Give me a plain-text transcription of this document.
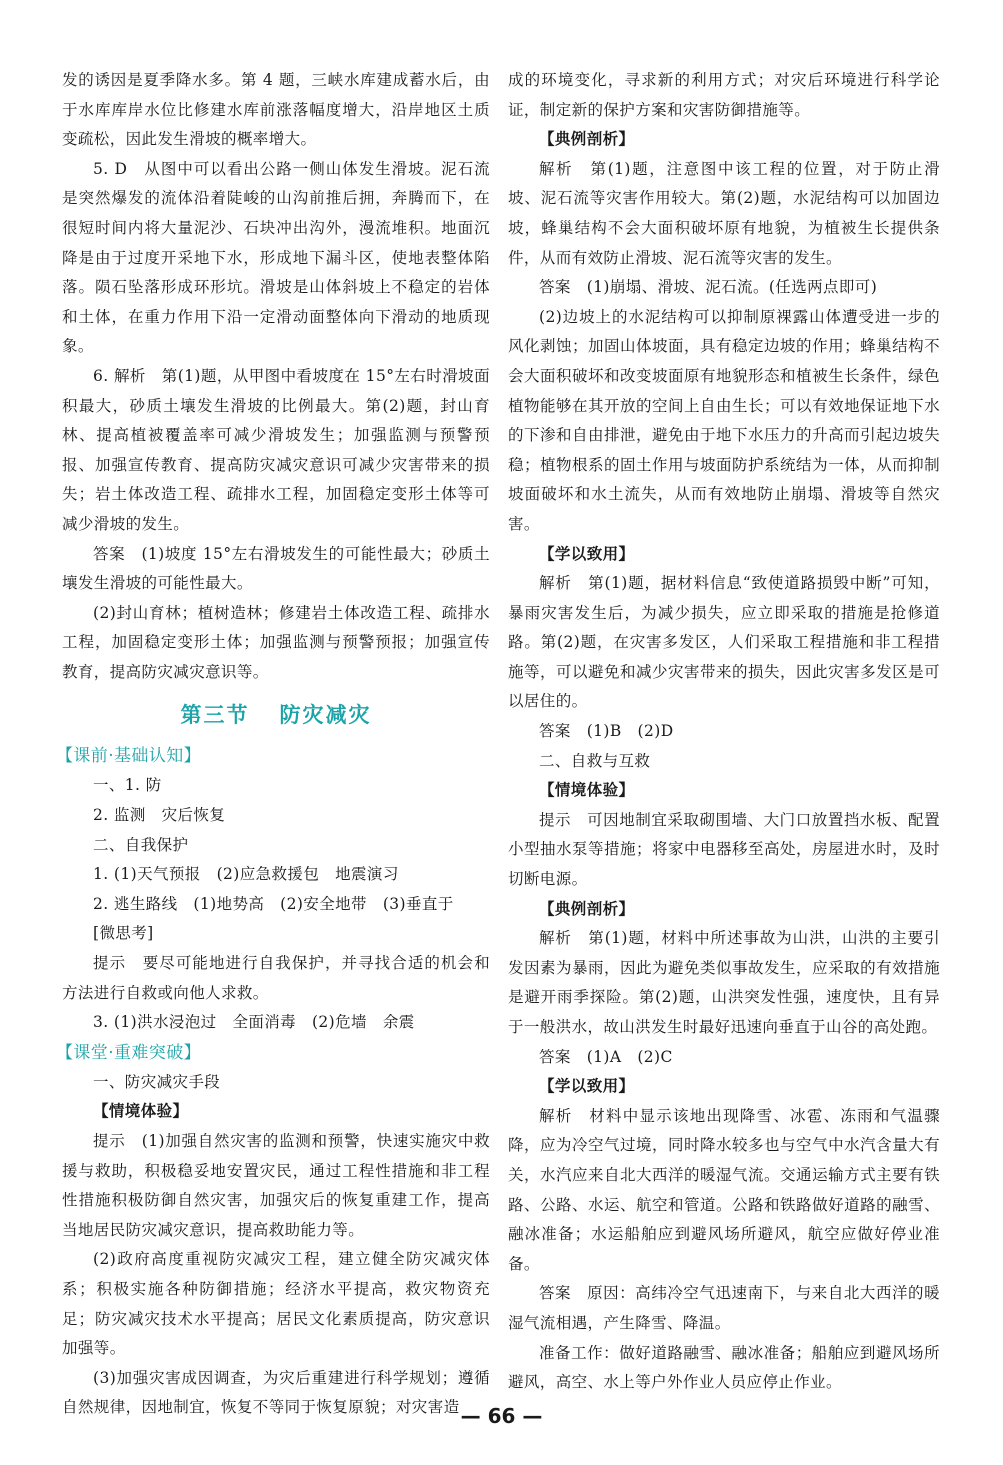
发的诱因是夏季降水多。第 4 题，三峡水库建成蓄水后，由于水库库岸水位比修建水库前涨落幅度增大，沿岸地区土质变疏松，因此发生滑坡的概率增大。

5. D　从图中可以看出公路一侧山体发生滑坡。泥石流是突然爆发的流体沿着陡峻的山沟前推后拥，奔腾而下，在很短时间内将大量泥沙、石块冲出沟外，漫流堆积。地面沉降是由于过度开采地下水，形成地下漏斗区，使地表整体陷落。陨石坠落形成环形坑。滑坡是山体斜坡上不稳定的岩体和土体，在重力作用下沿一定滑动面整体向下滑动的地质现象。

6. 解析　第(1)题，从甲图中看坡度在 15°左右时滑坡面积最大，砂质土壤发生滑坡的比例最大。第(2)题，封山育林、提高植被覆盖率可减少滑坡发生；加强监测与预警预报、加强宣传教育、提高防灾减灾意识可减少灾害带来的损失；岩土体改造工程、疏排水工程，加固稳定变形土体等可减少滑坡的发生。

答案　(1)坡度 15°左右滑坡发生的可能性最大；砂质土壤发生滑坡的可能性最大。

(2)封山育林；植树造林；修建岩土体改造工程、疏排水工程，加固稳定变形土体；加强监测与预警预报；加强宣传教育，提高防灾减灾意识等。

第三节 防灾减灾
【课前·基础认知】

一、1. 防

2. 监测　灾后恢复

二、自我保护

1. (1)天气预报　(2)应急救援包　地震演习

2. 逃生路线　(1)地势高　(2)安全地带　(3)垂直于

[微思考]

提示　要尽可能地进行自我保护，并寻找合适的机会和方法进行自救或向他人求救。

3. (1)洪水浸泡过　全面消毒　(2)危墙　余震

【课堂·重难突破】

一、防灾减灾手段

【情境体验】

提示　(1)加强自然灾害的监测和预警，快速实施灾中救援与救助，积极稳妥地安置灾民，通过工程性措施和非工程性措施积极防御自然灾害，加强灾后的恢复重建工作，提高当地居民防灾减灾意识，提高救助能力等。

(2)政府高度重视防灾减灾工程，建立健全防灾减灾体系；积极实施各种防御措施；经济水平提高，救灾物资充足；防灾减灾技术水平提高；居民文化素质提高，防灾意识加强等。

(3)加强灾害成因调查，为灾后重建进行科学规划；遵循自然规律，因地制宜，恢复不等同于恢复原貌；对灾害造

成的环境变化，寻求新的利用方式；对灾后环境进行科学论证，制定新的保护方案和灾害防御措施等。

【典例剖析】

解析　第(1)题，注意图中该工程的位置，对于防止滑坡、泥石流等灾害作用较大。第(2)题，水泥结构可以加固边坡，蜂巢结构不会大面积破坏原有地貌，为植被生长提供条件，从而有效防止滑坡、泥石流等灾害的发生。

答案　(1)崩塌、滑坡、泥石流。(任选两点即可)

(2)边坡上的水泥结构可以抑制原裸露山体遭受进一步的风化剥蚀；加固山体坡面，具有稳定边坡的作用；蜂巢结构不会大面积破坏和改变坡面原有地貌形态和植被生长条件，绿色植物能够在其开放的空间上自由生长；可以有效地保证地下水的下渗和自由排泄，避免由于地下水压力的升高而引起边坡失稳；植物根系的固土作用与坡面防护系统结为一体，从而抑制坡面破坏和水土流失，从而有效地防止崩塌、滑坡等自然灾害。

【学以致用】

解析　第(1)题，据材料信息“致使道路损毁中断”可知，暴雨灾害发生后，为减少损失，应立即采取的措施是抢修道路。第(2)题，在灾害多发区，人们采取工程措施和非工程措施等，可以避免和减少灾害带来的损失，因此灾害多发区是可以居住的。

答案　(1)B　(2)D

二、自救与互救

【情境体验】

提示　可因地制宜采取砌围墙、大门口放置挡水板、配置小型抽水泵等措施；将家中电器移至高处，房屋进水时，及时切断电源。

【典例剖析】

解析　第(1)题，材料中所述事故为山洪，山洪的主要引发因素为暴雨，因此为避免类似事故发生，应采取的有效措施是避开雨季探险。第(2)题，山洪突发性强，速度快，且有异于一般洪水，故山洪发生时最好迅速向垂直于山谷的高处跑。

答案　(1)A　(2)C

【学以致用】

解析　材料中显示该地出现降雪、冰雹、冻雨和气温骤降，应为冷空气过境，同时降水较多也与空气中水汽含量大有关，水汽应来自北大西洋的暖湿气流。交通运输方式主要有铁路、公路、水运、航空和管道。公路和铁路做好道路的融雪、融冰准备；水运船舶应到避风场所避风，航空应做好停业准备。

答案　原因：高纬冷空气迅速南下，与来自北大西洋的暖湿气流相遇，产生降雪、降温。

准备工作：做好道路融雪、融冰准备；船舶应到避风场所避风，高空、水上等户外作业人员应停止作业。

— 66 —
